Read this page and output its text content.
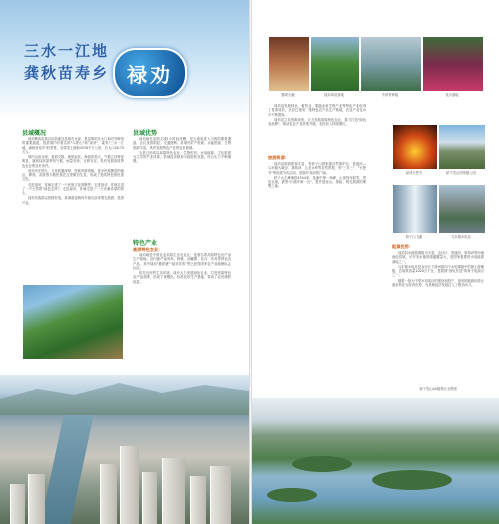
三水一江地
龚秋苗寿乡 禄劝
县域概况

禄劝彝族苗族自治县地处昆明市北部，是昆明的北大门和对外联络的重要通道，因县境内有著名的"乌蒙山"和"禄劝"，素有"三水一江地，龚秋苗寿乡"的美誉。全县国土面积4378平方公里，总人口48.75万人。

境内山高谷深，梁峁交错，地势起伏，海拔高差大，气候立体特征明显，属低纬高原季风气候，雨量充沛，日照充足，具有发展高原特色农业的良好条件。

禄劝历史悠久，文化底蕴深厚，民族风情浓郁，是多民族聚居的地区，彝族、苗族等少数民族在这里繁衍生息，形成了独具特色的民族文化。

走进禄劝，你就走进了一个民族文化的殿堂；走进禄劝，你就走进了一个天然的"绿色宝库"；走进禄劝，你就走进了一片充满希望的热土。

禄劝各族群众热情好客，真诚欢迎海内外朋友前来观光旅游、投资兴业。

县域优势

禄劝地处昆明主城1小时经济圈，是云南省进入川西的重要通道。区位优势明显，交通便利。县境内矿产资源、水能资源、生物资源丰富，具有发展特色产业的良好基础。

全县已形成以高原特色农业、生物医药、水电能源、文化旅游为主导的产业体系，县域经济保持平稳较快发展，综合实力不断增强。

特色产业
高原特色农业：

禄劝地处中国农业高原生态农业区，是著名的高原特色农产品生产基地。县内盛产禄劝鸡、核桃、油橄榄、花卉、苦荞等特色农产品，其中禄劝"撒坝猪""禄劝苦荞"等已获得国家农产品地理标志认证。

依托良好的生态环境，禄劝大力发展绿色农业，打造高原特色农产品品牌，形成了规模化、标准化的生产基地，带动了农民增收致富。

撒坝火腿	禄劝鸡苗基地	中药材种植	花卉基地

禄劝县发展林业、畜牧业、果蔬业和生物产业等特色产业取得了显著成效，全县已建成一批特色农产品生产基地，农业产业化水平不断提高。

禄劝县立足资源优势，大力发展高原特色农业，着力打造"绿色食品牌"，推动农业产业转型升级，农民收入持续增长。

旅游资源：

禄劝县旅游资源丰富，有轿子山国家级自然保护区、普渡河—乌东德大峡谷、掌鸠河、云龙水库等自然景观，有"三月三"、"火把节"等民族节庆活动，旅游开发前景广阔。

轿子山主峰海拔4344米，是滇中第一高峰，山顶终年积雪，景色壮丽，被誉为"滇中第一山"，是开展登山、探险、观光旅游的理想之地。

禄劝火把节	轿子雪山国家级公园
轿子山飞瀑	乌东德水电站
能源优势：

禄劝县水能资源极为丰富，金沙江、普渡河、掌鸠河等河流流经县境，可开发水能资源蕴藏量大，是国家重要的水电能源基地之一。

乌东德水电站是金沙江下游河段四个水电梯级中的最上游梯级，总装机容量1020万千瓦，是我国"西电东送"的骨干电源点之一。

随着一批大中型水电项目的建设和投产，禄劝的能源优势正逐步转化为经济优势，为县域经济发展注入了强劲动力。

轿子雪山4A级景区全景照
